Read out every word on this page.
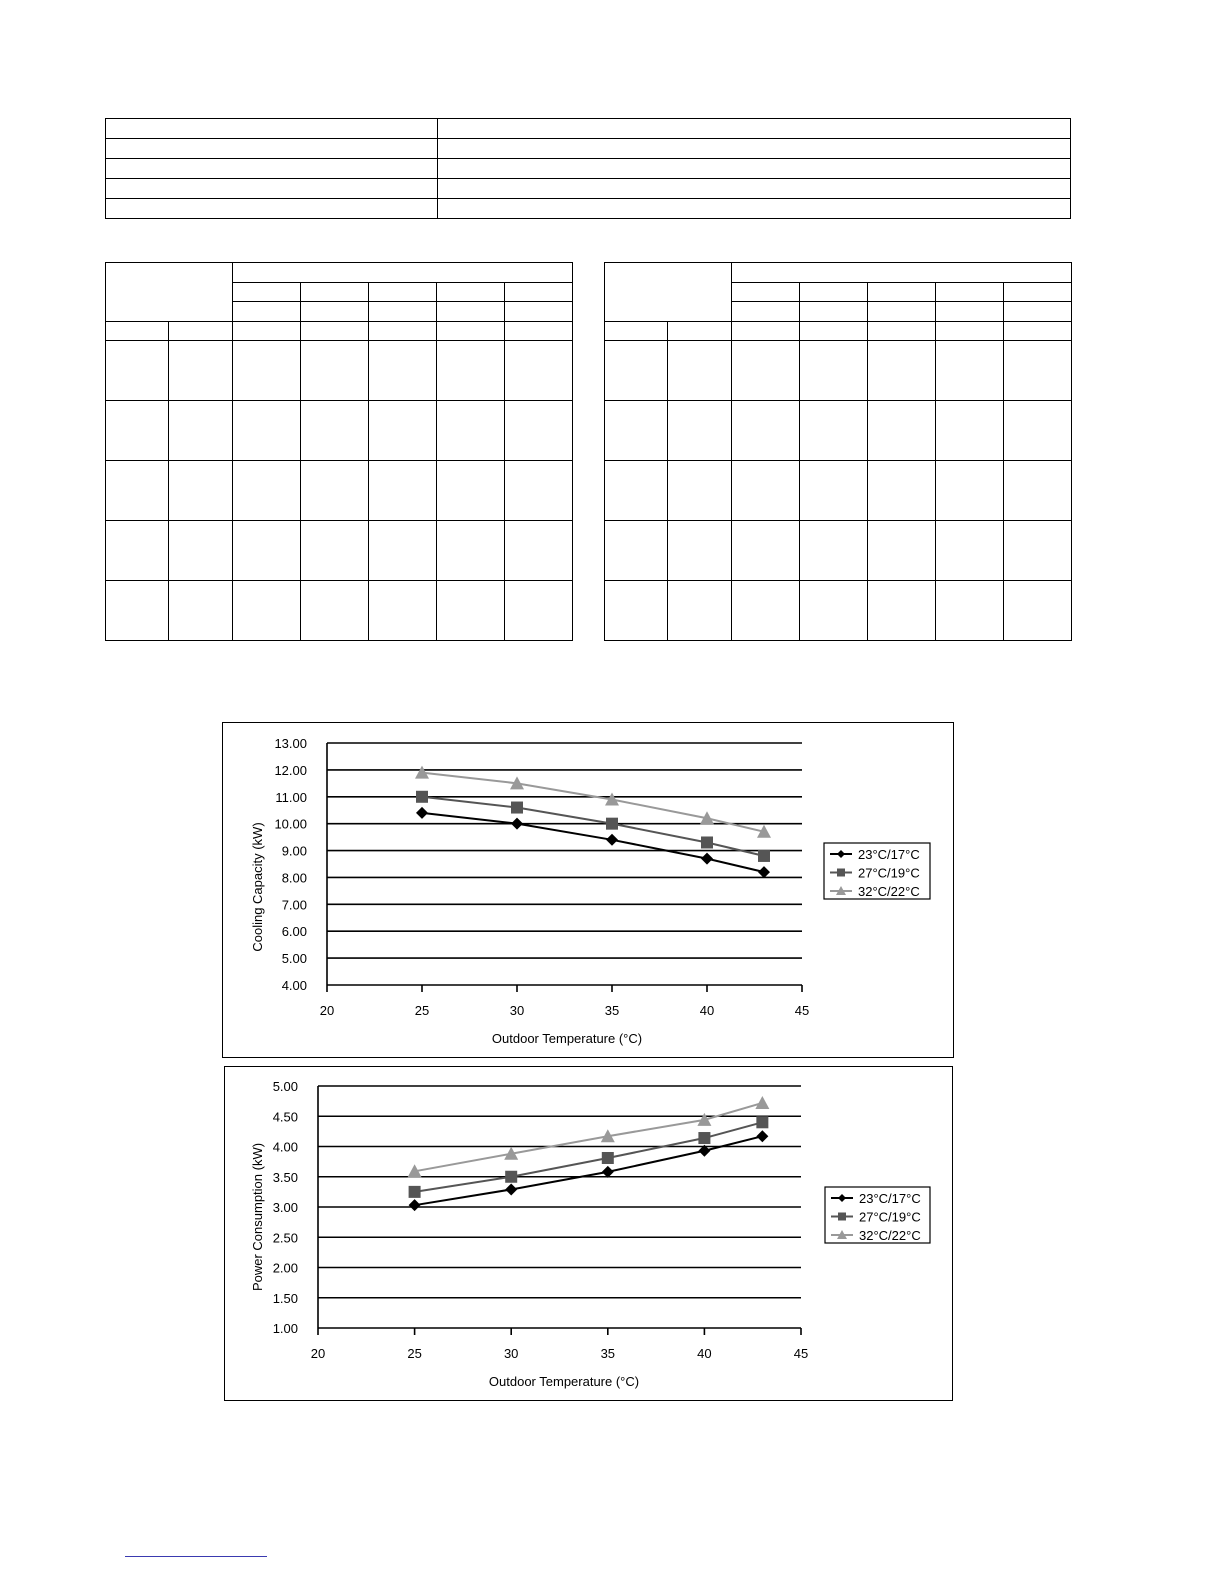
Cooling Capacity (kW)
Outdoor Temperature (°C)
4.00
5.00
6.00
7.00
8.00
9.00
10.00
11.00
12.00
13.00
20	25	30	35	40	45
23°C/17°C
27°C/19°C
32°C/22°C
Power Consumption (kW)
Outdoor Temperature (°C)
1.00
1.50
2.00
2.50
3.00
3.50
4.00
4.50
5.00
20	25	30	35	40	45
23°C/17°C
27°C/19°C
32°C/22°C
